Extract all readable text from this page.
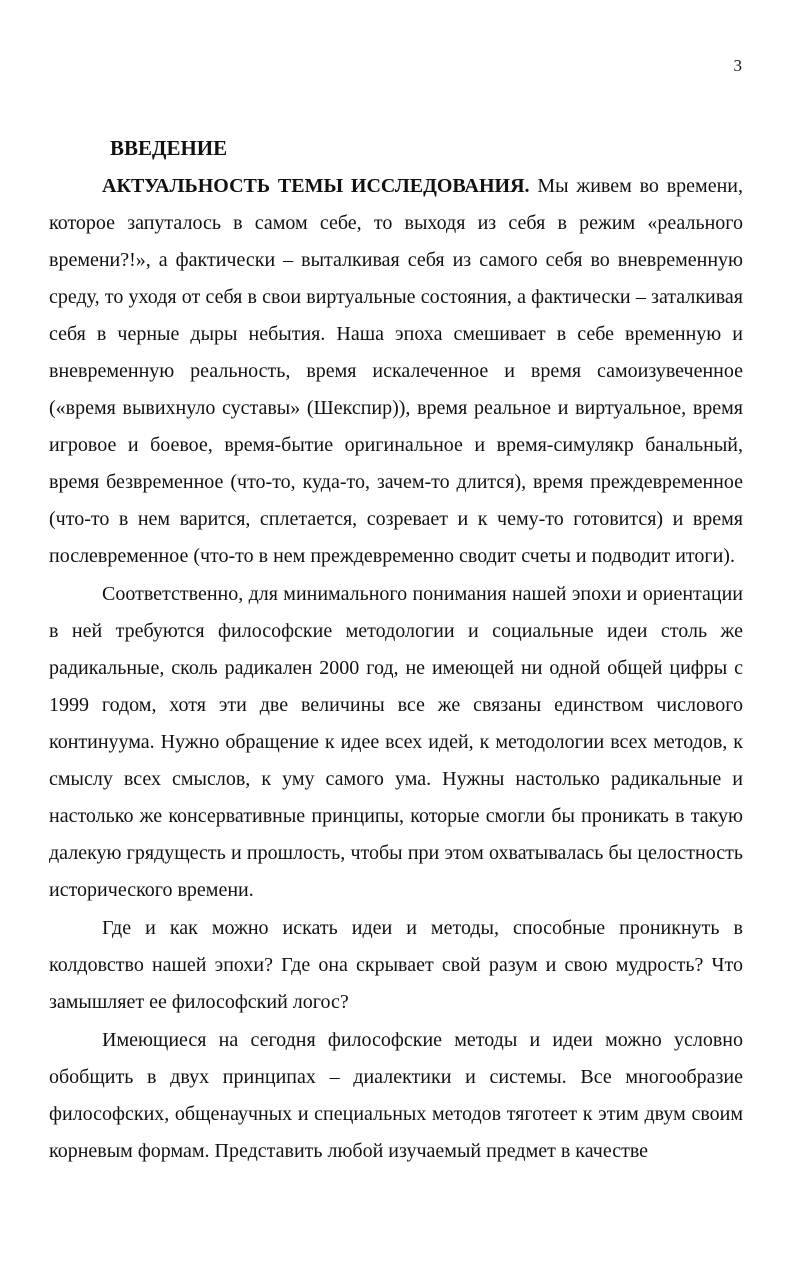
3
ВВЕДЕНИЕ

АКТУАЛЬНОСТЬ ТЕМЫ ИССЛЕДОВАНИЯ. Мы живем во времени, которое запуталось в самом себе, то выходя из себя в режим «реального времени?!», а фактически – выталкивая себя из самого себя во вневременную среду, то уходя от себя в свои виртуальные состояния, а фактически – заталкивая себя в черные дыры небытия. Наша эпоха смешивает в себе временную и вневременную реальность, время искалеченное и время самоизувеченное («время вывихнуло суставы» (Шекспир)), время реальное и виртуальное, время игровое и боевое, время-бытие оригинальное и время-симулякр банальный, время безвременное (что-то, куда-то, зачем-то длится), время преждевременное (что-то в нем варится, сплетается, созревает и к чему-то готовится) и время послевременное (что-то в нем преждевременно сводит счеты и подводит итоги).

Соответственно, для минимального понимания нашей эпохи и ориентации в ней требуются философские методологии и социальные идеи столь же радикальные, сколь радикален 2000 год, не имеющей ни одной общей цифры с 1999 годом, хотя эти две величины все же связаны единством числового континуума. Нужно обращение к идее всех идей, к методологии всех методов, к смыслу всех смыслов, к уму самого ума. Нужны настолько радикальные и настолько же консервативные принципы, которые смогли бы проникать в такую далекую грядущесть и прошлость, чтобы при этом охватывалась бы целостность исторического времени.

Где и как можно искать идеи и методы, способные проникнуть в колдовство нашей эпохи? Где она скрывает свой разум и свою мудрость? Что замышляет ее философский логос?

Имеющиеся на сегодня философские методы и идеи можно условно обобщить в двух принципах – диалектики и системы. Все многообразие философских, общенаучных и специальных методов тяготеет к этим двум своим корневым формам. Представить любой изучаемый предмет в качестве
